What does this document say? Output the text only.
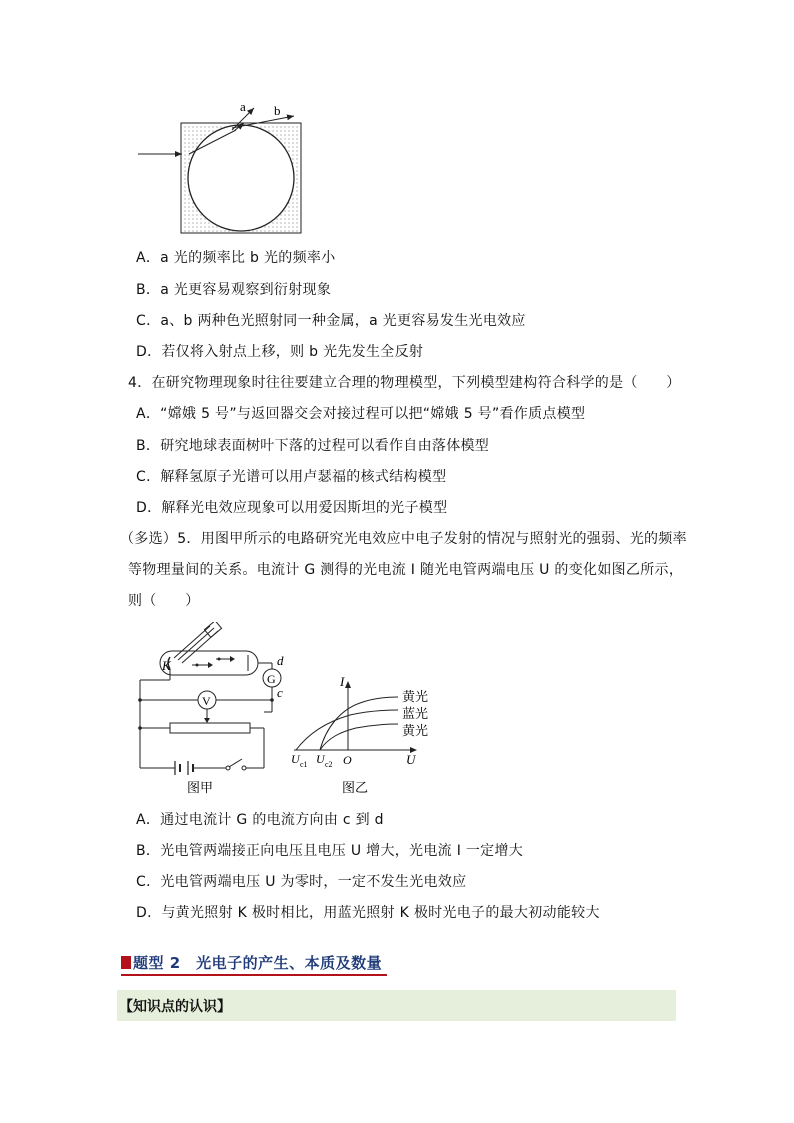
a b
A．a 光的频率比 b 光的频率小
B．a 光更容易观察到衍射现象
C．a、b 两种色光照射同一种金属，a 光更容易发生光电效应
D．若仅将入射点上移，则 b 光先发生全反射
4．在研究物理现象时往往要建立合理的物理模型，下列模型建构符合科学的是（　　）
A．“嫦娥 5 号”与返回器交会对接过程可以把“嫦娥 5 号”看作质点模型
B．研究地球表面树叶下落的过程可以看作自由落体模型
C．解释氢原子光谱可以用卢瑟福的核式结构模型
D．解释光电效应现象可以用爱因斯坦的光子模型
（多选）5．用图甲所示的电路研究光电效应中电子发射的情况与照射光的强弱、光的频率
等物理量间的关系。电流计 G 测得的光电流 I 随光电管两端电压 U 的变化如图乙所示，
则（　　）
K	d
c
G
V
图甲
I
U
O
黄光
蓝光
黄光
U c1 U c2
图乙
A．通过电流计 G 的电流方向由 c 到 d
B．光电管两端接正向电压且电压 U 增大，光电流 I 一定增大
C．光电管两端电压 U 为零时，一定不发生光电效应
D．与黄光照射 K 极时相比，用蓝光照射 K 极时光电子的最大初动能较大
题型 2　光电子的产生、本质及数量
【知识点的认识】
